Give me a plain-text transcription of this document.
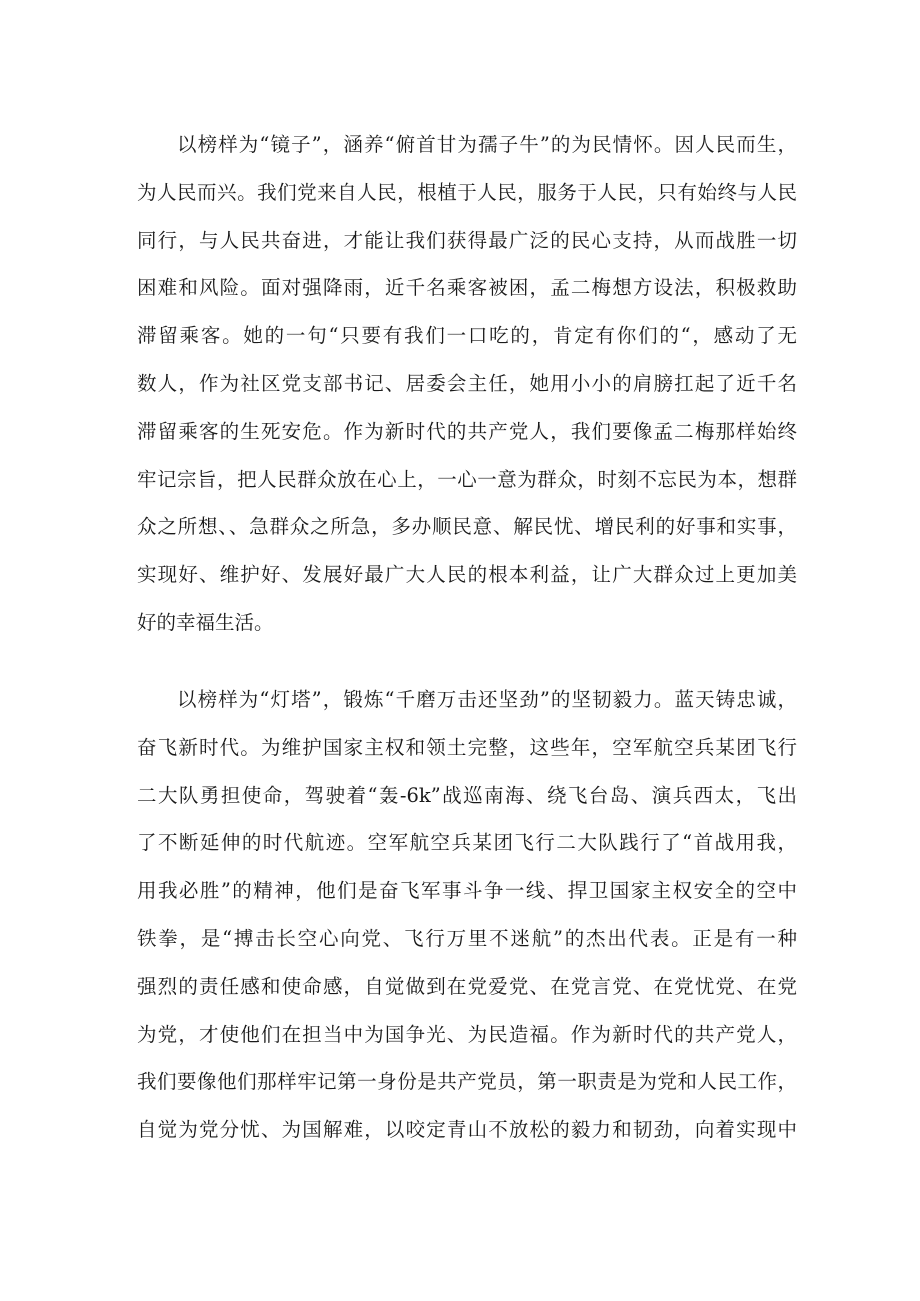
以榜样为“镜子”，涵养“俯首甘为孺子牛”的为民情怀。因人民而生，
为人民而兴。我们党来自人民，根植于人民，服务于人民，只有始终与人民
同行，与人民共奋进，才能让我们获得最广泛的民心支持，从而战胜一切
困难和风险。面对强降雨，近千名乘客被困，孟二梅想方设法，积极救助
滞留乘客。她的一句“只要有我们一口吃的，肯定有你们的“，感动了无
数人，作为社区党支部书记、居委会主任，她用小小的肩膀扛起了近千名
滞留乘客的生死安危。作为新时代的共产党人，我们要像孟二梅那样始终
牢记宗旨，把人民群众放在心上，一心一意为群众，时刻不忘民为本，想群
众之所想、、急群众之所急，多办顺民意、解民忧、增民利的好事和实事，
实现好、维护好、发展好最广大人民的根本利益，让广大群众过上更加美
好的幸福生活。
以榜样为“灯塔”，锻炼“千磨万击还坚劲”的坚韧毅力。蓝天铸忠诚，
奋飞新时代。为维护国家主权和领土完整，这些年，空军航空兵某团飞行
二大队勇担使命，驾驶着“轰-6k”战巡南海、绕飞台岛、演兵西太，飞出
了不断延伸的时代航迹。空军航空兵某团飞行二大队践行了“首战用我，
用我必胜”的精神，他们是奋飞军事斗争一线、捍卫国家主权安全的空中
铁拳，是“搏击长空心向党、飞行万里不迷航”的杰出代表。正是有一种
强烈的责任感和使命感，自觉做到在党爱党、在党言党、在党忧党、在党
为党，才使他们在担当中为国争光、为民造福。作为新时代的共产党人，
我们要像他们那样牢记第一身份是共产党员，第一职责是为党和人民工作，
自觉为党分忧、为国解难，以咬定青山不放松的毅力和韧劲，向着实现中
